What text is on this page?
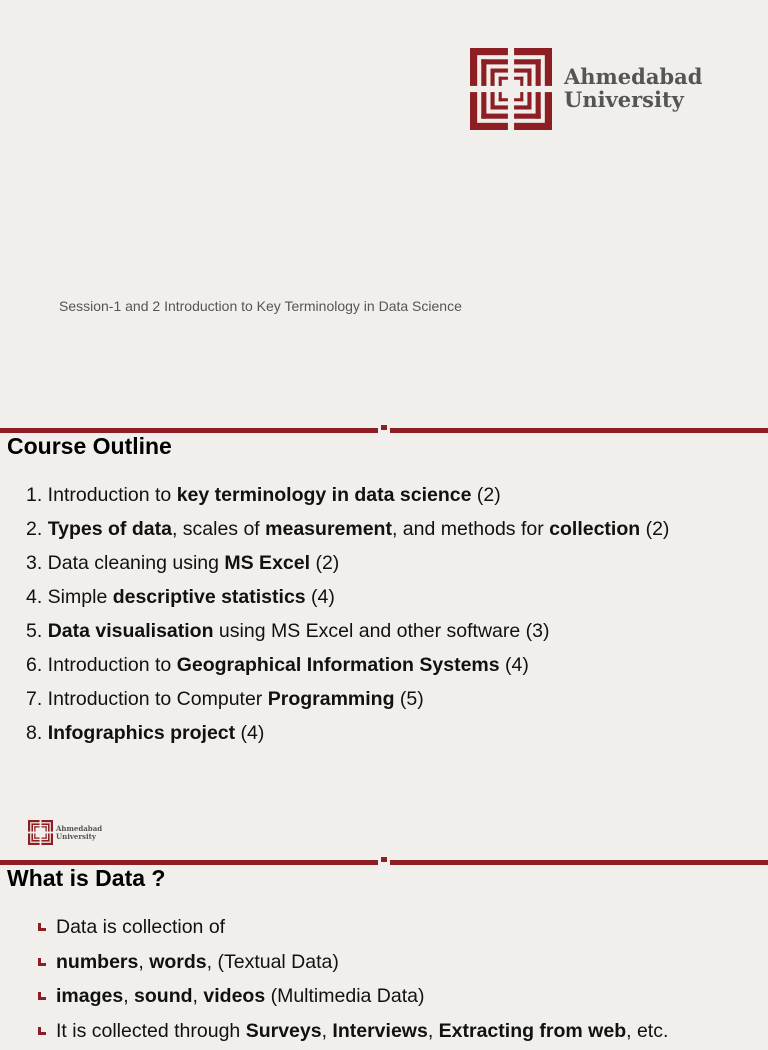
Ahmedabad
University
Session-1 and 2 Introduction to Key Terminology in Data Science
Course Outline
1. Introduction to key terminology in data science (2)
2. Types of data, scales of measurement, and methods for collection (2)
3. Data cleaning using MS Excel (2)
4. Simple descriptive statistics (4)
5. Data visualisation using MS Excel and other software (3)
6. Introduction to Geographical Information Systems (4)
7. Introduction to Computer Programming (5)
8. Infographics project (4)
Ahmedabad
University
What is Data ?
Data is collection of
numbers, words, (Textual Data)
images, sound, videos (Multimedia Data)
It is collected through Surveys, Interviews, Extracting from web, etc.
